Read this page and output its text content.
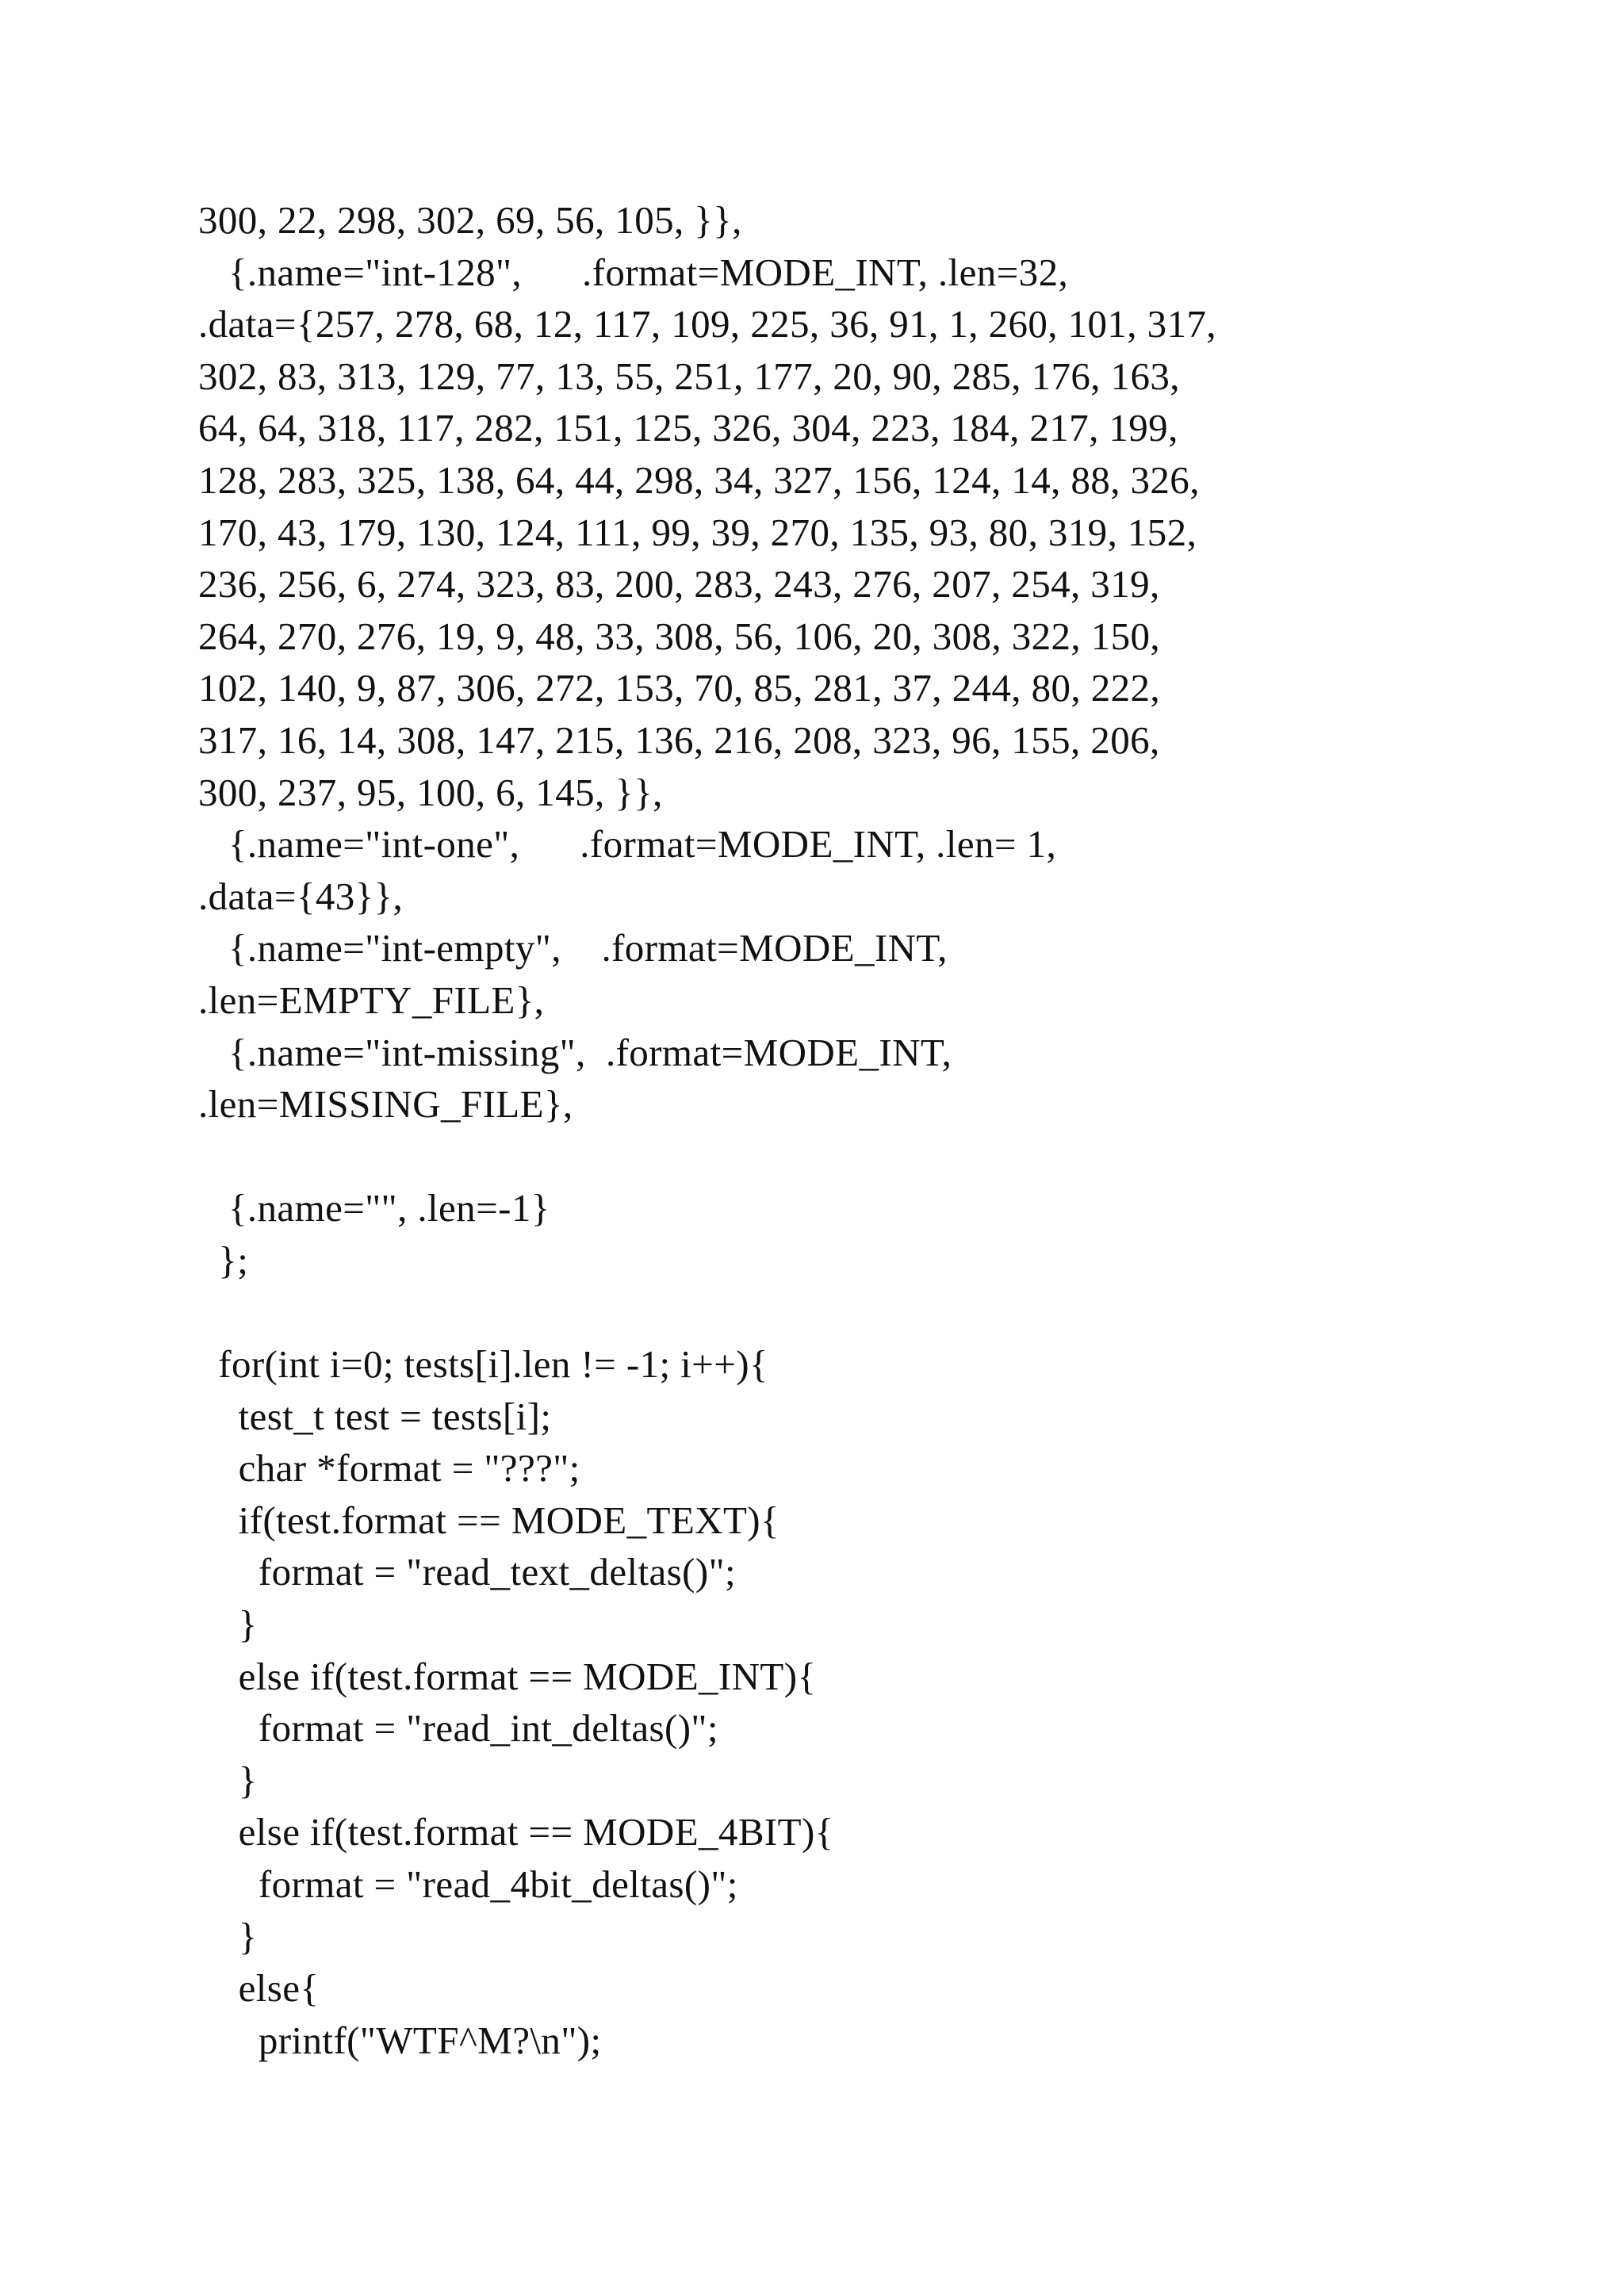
300, 22, 298, 302, 69, 56, 105, }},
{.name="int-128",      .format=MODE_INT, .len=32,
.data={257, 278, 68, 12, 117, 109, 225, 36, 91, 1, 260, 101, 317,
302, 83, 313, 129, 77, 13, 55, 251, 177, 20, 90, 285, 176, 163,
64, 64, 318, 117, 282, 151, 125, 326, 304, 223, 184, 217, 199,
128, 283, 325, 138, 64, 44, 298, 34, 327, 156, 124, 14, 88, 326,
170, 43, 179, 130, 124, 111, 99, 39, 270, 135, 93, 80, 319, 152,
236, 256, 6, 274, 323, 83, 200, 283, 243, 276, 207, 254, 319,
264, 270, 276, 19, 9, 48, 33, 308, 56, 106, 20, 308, 322, 150,
102, 140, 9, 87, 306, 272, 153, 70, 85, 281, 37, 244, 80, 222,
317, 16, 14, 308, 147, 215, 136, 216, 208, 323, 96, 155, 206,
300, 237, 95, 100, 6, 145, }},
{.name="int-one",      .format=MODE_INT, .len= 1,
.data={43}},
{.name="int-empty",    .format=MODE_INT,
.len=EMPTY_FILE},
{.name="int-missing",  .format=MODE_INT,
.len=MISSING_FILE},
{.name="", .len=-1}
};
for(int i=0; tests[i].len != -1; i++){
test_t test = tests[i];
char *format = "???";
if(test.format == MODE_TEXT){
format = "read_text_deltas()";
}
else if(test.format == MODE_INT){
format = "read_int_deltas()";
}
else if(test.format == MODE_4BIT){
format = "read_4bit_deltas()";
}
else{
printf("WTF^M?\n");
